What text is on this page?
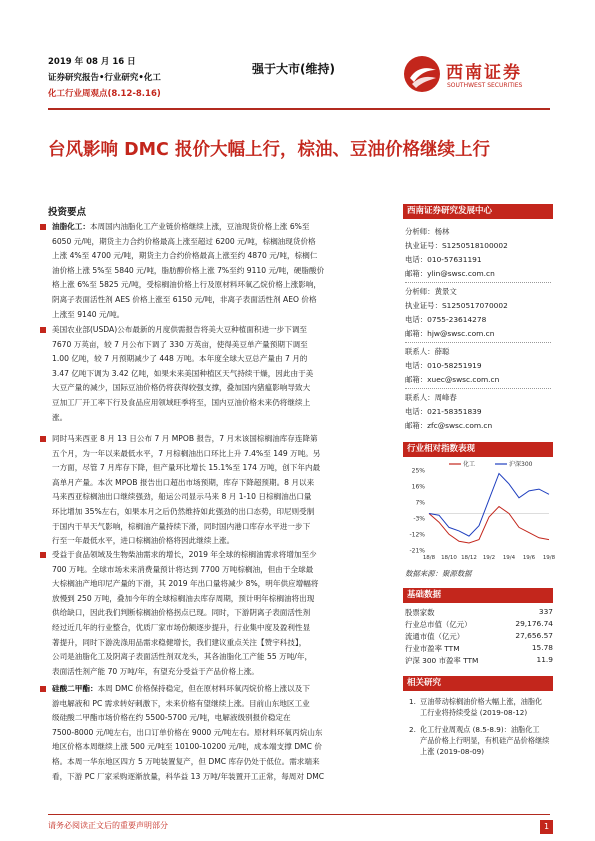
2019 年 08 月 16 日
证券研究报告•行业研究•化工
化工行业周观点(8.12-8.16)
强于大市(维持)	西南证券
SOUTHWEST SECURITIES
台风影响 DMC 报价大幅上行，棕油、豆油价格继续上行
投资要点
油脂化工：本周国内油脂化工产业链价格继续上涨，豆油现货价格上涨 6%至
6050 元/吨，期货主力合约价格最高上涨至超过 6200 元/吨，棕榈油现货价格
上涨 4%至 4700 元/吨，期货主力合约价格最高上涨至约 4870 元/吨，棕榈仁
油价格上涨 5%至 5840 元/吨，脂肪醇价格上涨 7%至约 9110 元/吨，硬脂酸价
格上涨 6%至 5825 元/吨，受棕榈油价格上行及原材料环氧乙烷价格上涨影响，
阴离子表面活性剂 AES 价格上涨至 6150 元/吨，非离子表面活性剂 AEO 价格
上涨至 9140 元/吨。
美国农业部(USDA)公布最新的月度供需报告将美大豆种植面积进一步下调至
7670 万英亩，较 7 月公布下调了 330 万英亩，使得美豆单产量预期下调至
1.00 亿吨，较 7 月预期减少了 448 万吨。本年度全球大豆总产量由 7 月的
3.47 亿吨下调为 3.42 亿吨，如果未来美国种植区天气持续干燥，因此由于美
大豆产量的减少，国际豆油价格仍将获得较强支撑，叠加国内猪瘟影响导致大
豆加工厂开工率下行及食品应用领域旺季将至，国内豆油价格未来仍将继续上
涨。
同时马来西亚 8 月 13 日公布 7 月 MPOB 报告，7 月末该国棕榈油库存连降第
五个月，为一年以来最低水平，7 月棕榈油出口环比上升 7.4%至 149 万吨。另
一方面，尽管 7 月库存下降，但产量环比增长 15.1%至 174 万吨，创下年内最
高单月产量。本次 MPOB 报告出口超出市场预期，库存下降超预期。8 月以来
马来西亚棕榈油出口继续强劲，船运公司显示马来 8 月 1-10 日棕榈油出口量
环比增加 35%左右，如果本月之后仍然维持如此强劲的出口态势，印尼则受制
于国内干旱天气影响，棕榈油产量持续下滑，同时国内港口库存水平进一步下
行至一年最低水平，进口棕榈油价格将因此继续上涨。
受益于食品领域及生物柴油需求的增长，2019 年全球的棕榈油需求将增加至少
700 万吨。全球市场未来消费量预计将达到 7700 万吨棕榈油，但由于全球最
大棕榈油产地印尼产量的下滑，其 2019 年出口量将减少 8%，明年供应增幅将
放慢到 250 万吨，叠加今年的全球棕榈油去库存周期，预计明年棕榈油将出现
供给缺口，因此我们判断棕榈油价格拐点已现。同时，下游阴离子表面活性剂
经过近几年的行业整合，优质厂家市场份额逐步提升，行业集中度及盈利性显
著提升，同时下游洗涤用品需求稳健增长，我们建议重点关注【赞宇科技】，
公司是油脂化工及阴离子表面活性剂双龙头，其各油脂化工产能 55 万吨/年，
表面活性剂产能 70 万吨/年，有望充分受益于产品价格上涨。
硅酸二甲酯：本周 DMC 价格保持稳定，但在原材料环氧丙烷价格上涨以及下
游电解液和 PC 需求转好刺激下，未来价格有望继续上涨。目前山东地区工业
级硅酸二甲酯市场价格在约 5500-5700 元/吨，电解液级别报价稳定在
7500-8000 元/吨左右，出口订单价格在 9000 元/吨左右。原材料环氧丙烷山东
地区价格本周继续上涨 500 元/吨至 10100-10200 元/吨，成本端支撑 DMC 价
格。本周一华东地区四方 5 万吨装置复产，但 DMC 库存仍处于低位。需求端来
看，下游 PC 厂家采购逐渐放量，科华益 13 万吨/年装置开工正常，每周对 DMC
西南证券研究发展中心
分析师：杨林
执业证号：S1250518100002
电话：010-57631191
邮箱：ylin@swsc.com.cn
分析师：黄景文
执业证号：S1250517070002
电话：0755-23614278
邮箱：hjw@swsc.com.cn
联系人：薛聪
电话：010-58251919
邮箱：xuec@swsc.com.cn
联系人：周峰春
电话：021-58351839
邮箱：zfc@swsc.com.cn
行业相对指数表现
25%
16%
7%
-3%
-12%
-21%
18/8 18/10 18/12 19/2 19/4 19/6 19/8
化工	沪深300
数据来源：聚源数据
基础数据
股票家数	337
行业总市值（亿元）	29,176.74
流通市值（亿元）	27,656.57
行业市盈率 TTM	15.78
沪深 300 市盈率 TTM	11.9
相关研究
1. 豆油带动棕榈油价格大幅上涨，油脂化
工行业将持续受益 (2019-08-12)
2. 化工行业周观点 (8.5-8.9)：油脂化工
产品价格上行明显，有机硅产品价格继续
上涨 (2019-08-09)
请务必阅读正文后的重要声明部分	1
